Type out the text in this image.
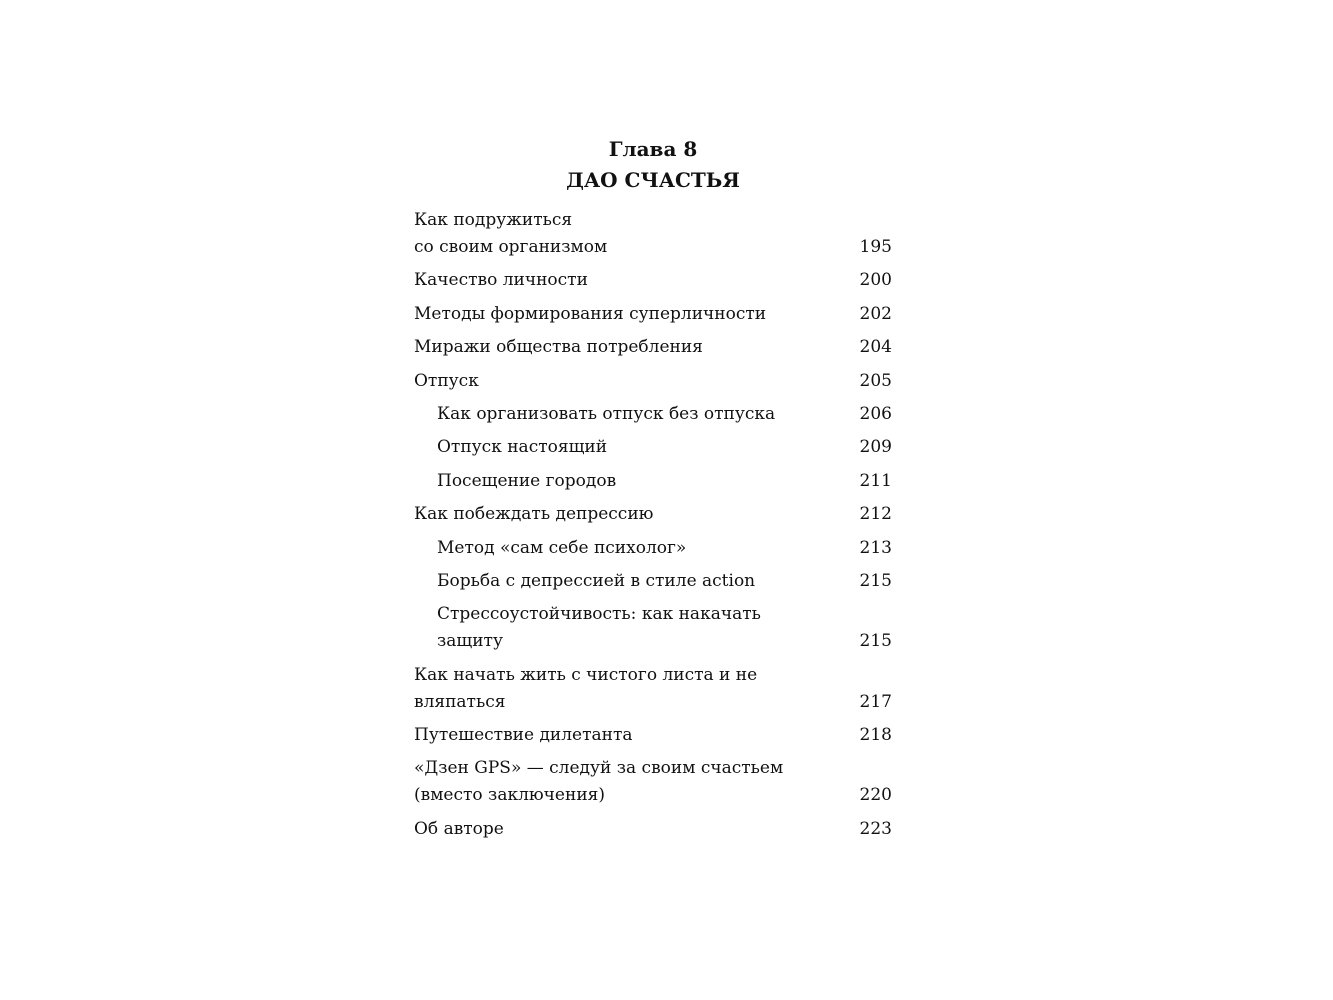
Глава 8
ДАО СЧАСТЬЯ
Как подружиться
со своим организмом	195
Качество личности	200
Методы формирования суперличности	202
Миражи общества потребления	204
Отпуск	205
Как организовать отпуск без отпуска	206
Отпуск настоящий	209
Посещение городов	211
Как побеждать депрессию	212
Метод «сам себе психолог»	213
Борьба с депрессией в стиле action	215
Стрессоустойчивость: как накачать защиту	215
Как начать жить с чистого листа и не вляпаться	217
Путешествие дилетанта	218
«Дзен GPS» — следуй за своим счастьем
(вместо заключения)	220
Об авторе	223
